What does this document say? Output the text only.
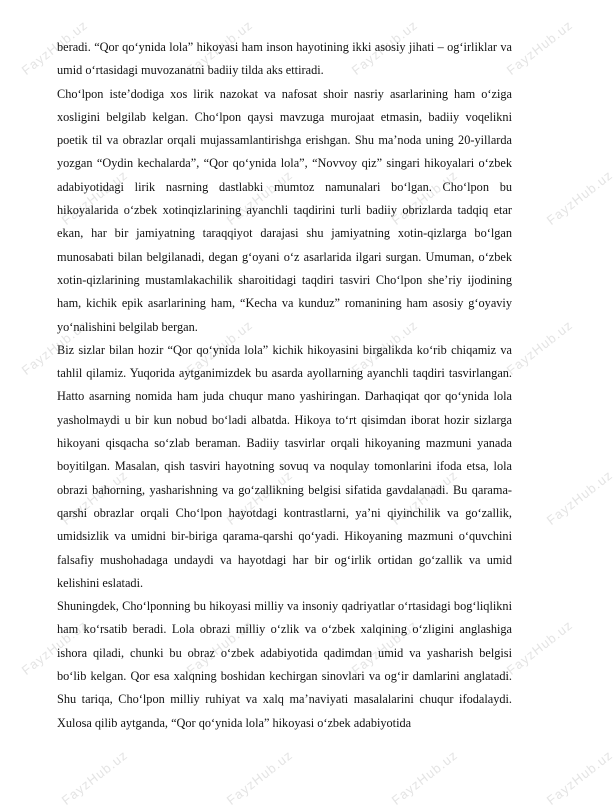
FayzHub.uz	FayzHub.uz	FayzHub.uz	FayzHub.uz
FayzHub.uz	FayzHub.uz	FayzHub.uz	FayzHub.uz
FayzHub.uz	FayzHub.uz	FayzHub.uz	FayzHub.uz
FayzHub.uz	FayzHub.uz	FayzHub.uz	FayzHub.uz
FayzHub.uz	FayzHub.uz	FayzHub.uz	FayzHub.uz
FayzHub.uz	FayzHub.uz	FayzHub.uz	FayzHub.uz

beradi. “Qor qo‘ynida lola” hikoyasi ham inson hayotining ikki asosiy jihati – og‘irliklar va umid o‘rtasidagi muvozanatni badiiy tilda aks ettiradi.

Cho‘lpon iste’dodiga xos lirik nazokat va nafosat shoir nasriy asarlarining ham o‘ziga xosligini belgilab kelgan. Cho‘lpon qaysi mavzuga murojaat etmasin, badiiy voqelikni poetik til va obrazlar orqali mujassamlantirishga erishgan. Shu ma’noda uning 20-yillarda yozgan “Oydin kechalarda”, “Qor qo‘ynida lola”, “Novvoy qiz” singari hikoyalari o‘zbek adabiyotidagi lirik nasrning dastlabki mumtoz namunalari bo‘lgan. Cho‘lpon bu hikoyalarida o‘zbek xotinqizlarining ayanchli taqdirini turli badiiy obrizlarda tadqiq etar ekan, har bir jamiyatning taraqqiyot darajasi shu jamiyatning xotin-qizlarga bo‘lgan munosabati bilan belgilanadi, degan g‘oyani o‘z asarlarida ilgari surgan. Umuman, o‘zbek xotin-qizlarining mustamlakachilik sharoitidagi taqdiri tasviri Cho‘lpon she’riy ijodining ham, kichik epik asarlarining ham, “Kecha va kunduz” romanining ham asosiy g‘oyaviy yo‘nalishini belgilab bergan.

Biz sizlar bilan hozir “Qor qo‘ynida lola” kichik hikoyasini birgalikda ko‘rib chiqamiz va tahlil qilamiz. Yuqorida aytganimizdek bu asarda ayollarning ayanchli taqdiri tasvirlangan. Hatto asarning nomida ham juda chuqur mano yashiringan. Darhaqiqat qor qo‘ynida lola yasholmaydi u bir kun nobud bo‘ladi albatda. Hikoya to‘rt qisimdan iborat hozir sizlarga hikoyani qisqacha so‘zlab beraman. Badiiy tasvirlar orqali hikoyaning mazmuni yanada boyitilgan. Masalan, qish tasviri hayotning sovuq va noqulay tomonlarini ifoda etsa, lola obrazi bahorning, yasharishning va go‘zallikning belgisi sifatida gavdalanadi. Bu qarama-qarshi obrazlar orqali Cho‘lpon hayotdagi kontrastlarni, ya’ni qiyinchilik va go‘zallik, umidsizlik va umidni bir-biriga qarama-qarshi qo‘yadi. Hikoyaning mazmuni o‘quvchini falsafiy mushohadaga undaydi va hayotdagi har bir og‘irlik ortidan go‘zallik va umid kelishini eslatadi.

Shuningdek, Cho‘lponning bu hikoyasi milliy va insoniy qadriyatlar o‘rtasidagi bog‘liqlikni ham ko‘rsatib beradi. Lola obrazi milliy o‘zlik va o‘zbek xalqining o‘zligini anglashiga ishora qiladi, chunki bu obraz o‘zbek adabiyotida qadimdan umid va yasharish belgisi bo‘lib kelgan. Qor esa xalqning boshidan kechirgan sinovlari va og‘ir damlarini anglatadi. Shu tariqa, Cho‘lpon milliy ruhiyat va xalq ma’naviyati masalalarini chuqur ifodalaydi. Xulosa qilib aytganda, “Qor qo‘ynida lola” hikoyasi o‘zbek adabiyotida
